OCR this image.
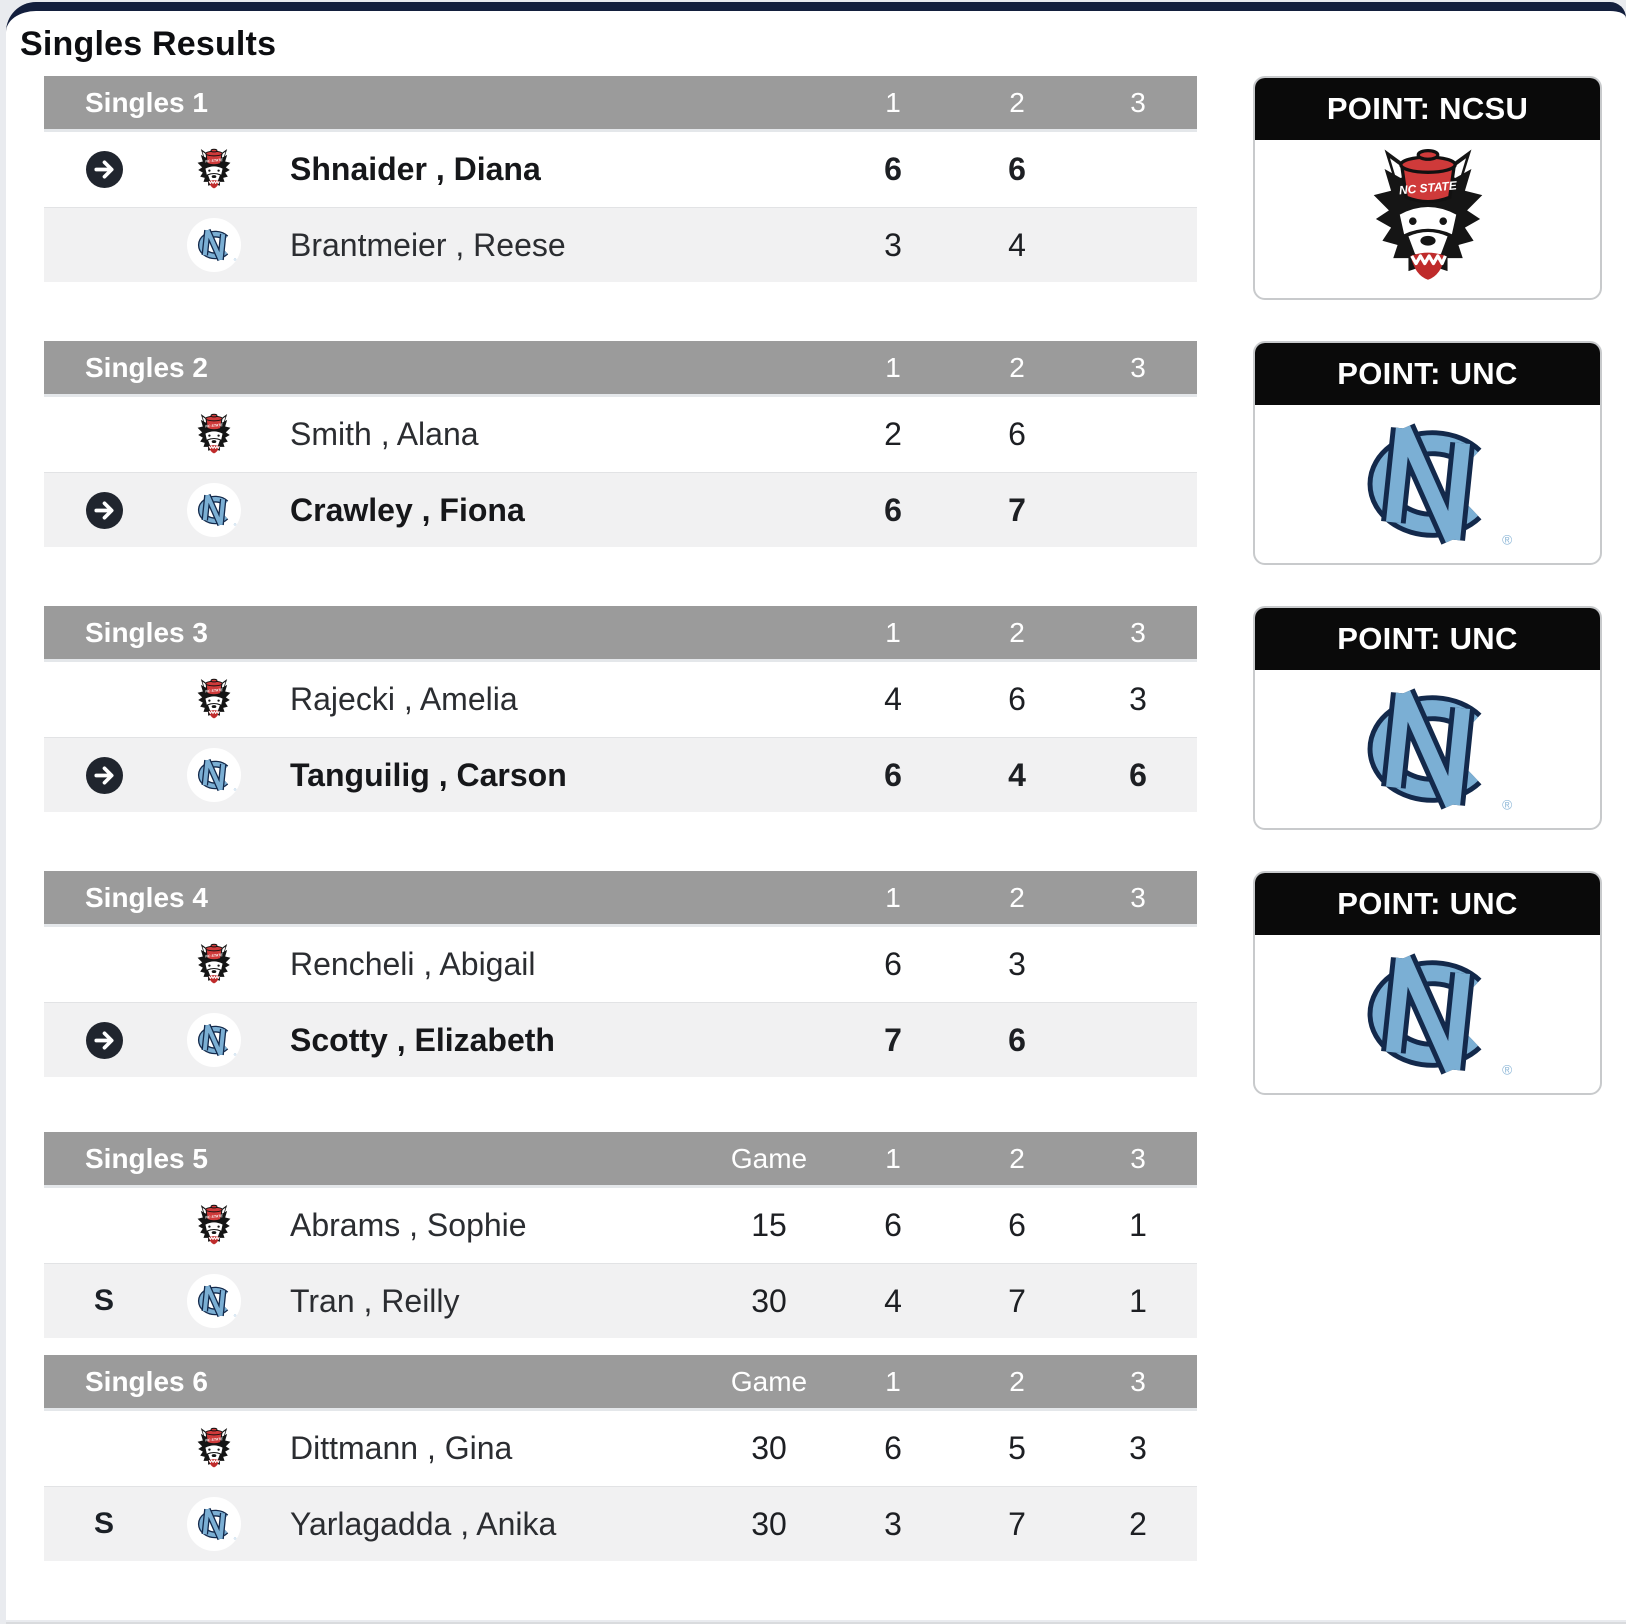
Singles Results
Singles 1	1	2	3
Shnaider , Diana	6	6
Brantmeier , Reese	3	4
POINT: NCSU
Singles 2	1	2	3
Smith , Alana	2	6
Crawley , Fiona	6	7
POINT: UNC
Singles 3	1	2	3
Rajecki , Amelia	4	6	3
Tanguilig , Carson	6	4	6
POINT: UNC
Singles 4	1	2	3
Rencheli , Abigail	6	3
Scotty , Elizabeth	7	6
POINT: UNC
Singles 5	Game	1	2	3
Abrams , Sophie	15	6	6	1
S	Tran , Reilly	30	4	7	1
Singles 6	Game	1	2	3
Dittmann , Gina	30	6	5	3
S	Yarlagadda , Anika	30	3	7	2
